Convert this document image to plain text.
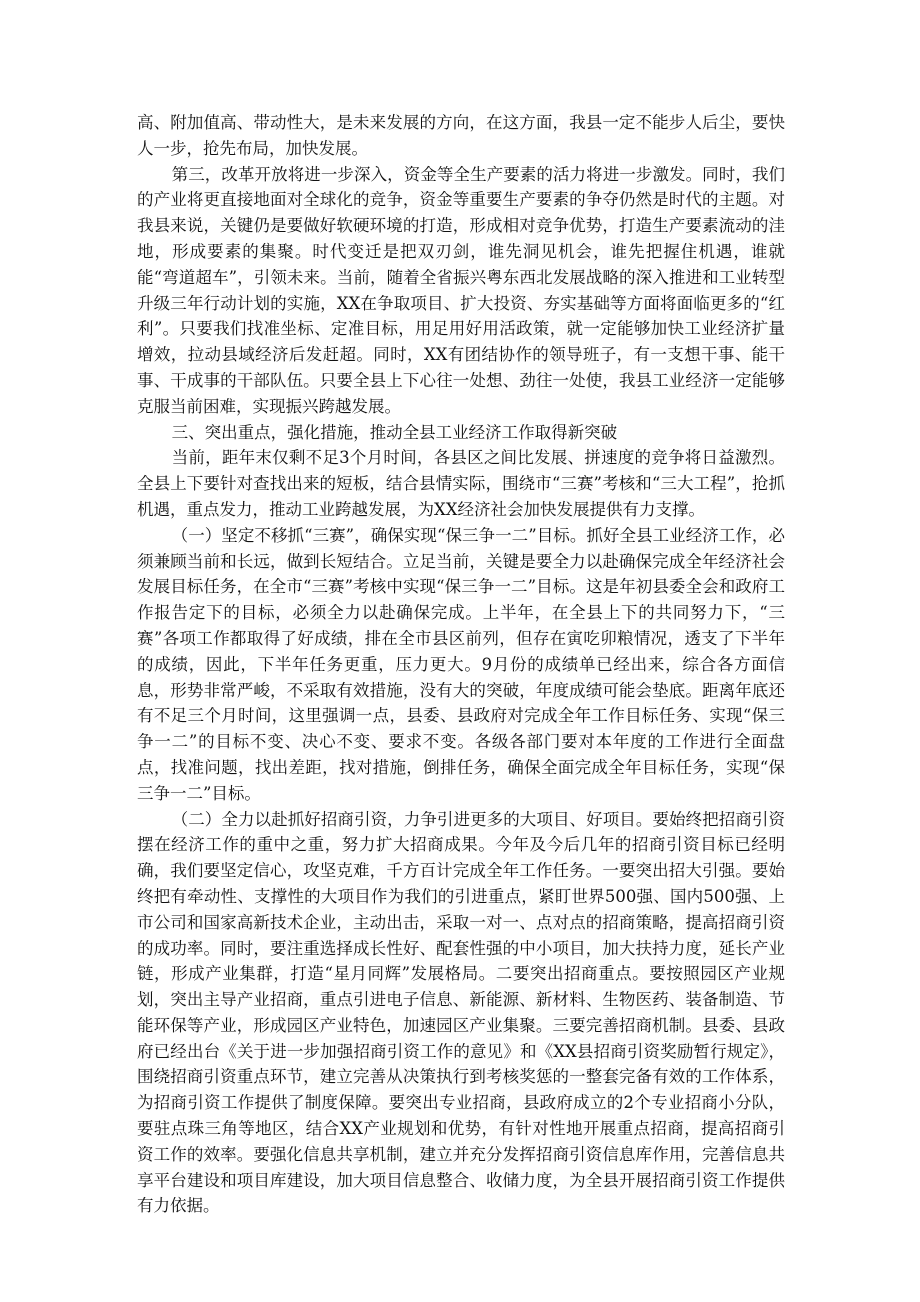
高、附加值高、带动性大，是未来发展的方向，在这方面，我县一定不能步人后尘，要快人一步，抢先布局，加快发展。

第三，改革开放将进一步深入，资金等全生产要素的活力将进一步激发。同时，我们的产业将更直接地面对全球化的竞争，资金等重要生产要素的争夺仍然是时代的主题。对我县来说，关键仍是要做好软硬环境的打造，形成相对竞争优势，打造生产要素流动的洼地，形成要素的集聚。时代变迁是把双刃剑，谁先洞见机会，谁先把握住机遇，谁就能“弯道超车”，引领未来。当前，随着全省振兴粤东西北发展战略的深入推进和工业转型升级三年行动计划的实施，XX在争取项目、扩大投资、夯实基础等方面将面临更多的“红利”。只要我们找准坐标、定准目标，用足用好用活政策，就一定能够加快工业经济扩量增效，拉动县域经济后发赶超。同时，XX有团结协作的领导班子，有一支想干事、能干事、干成事的干部队伍。只要全县上下心往一处想、劲往一处使，我县工业经济一定能够克服当前困难，实现振兴跨越发展。

三、突出重点，强化措施，推动全县工业经济工作取得新突破

当前，距年末仅剩不足3个月时间，各县区之间比发展、拼速度的竞争将日益激烈。全县上下要针对查找出来的短板，结合县情实际，围绕市“三赛”考核和“三大工程”，抢抓机遇，重点发力，推动工业跨越发展，为XX经济社会加快发展提供有力支撑。

（一）坚定不移抓“三赛”，确保实现“保三争一二”目标。抓好全县工业经济工作，必须兼顾当前和长远，做到长短结合。立足当前，关键是要全力以赴确保完成全年经济社会发展目标任务，在全市“三赛”考核中实现“保三争一二”目标。这是年初县委全会和政府工作报告定下的目标，必须全力以赴确保完成。上半年，在全县上下的共同努力下，“三赛”各项工作都取得了好成绩，排在全市县区前列，但存在寅吃卯粮情况，透支了下半年的成绩，因此，下半年任务更重，压力更大。9月份的成绩单已经出来，综合各方面信息，形势非常严峻，不采取有效措施，没有大的突破，年度成绩可能会垫底。距离年底还有不足三个月时间，这里强调一点，县委、县政府对完成全年工作目标任务、实现“保三争一二”的目标不变、决心不变、要求不变。各级各部门要对本年度的工作进行全面盘点，找准问题，找出差距，找对措施，倒排任务，确保全面完成全年目标任务，实现“保三争一二”目标。

（二）全力以赴抓好招商引资，力争引进更多的大项目、好项目。要始终把招商引资摆在经济工作的重中之重，努力扩大招商成果。今年及今后几年的招商引资目标已经明确，我们要坚定信心，攻坚克难，千方百计完成全年工作任务。一要突出招大引强。要始终把有牵动性、支撑性的大项目作为我们的引进重点，紧盯世界500强、国内500强、上市公司和国家高新技术企业，主动出击，采取一对一、点对点的招商策略，提高招商引资的成功率。同时，要注重选择成长性好、配套性强的中小项目，加大扶持力度，延长产业链，形成产业集群，打造“星月同辉”发展格局。二要突出招商重点。要按照园区产业规划，突出主导产业招商，重点引进电子信息、新能源、新材料、生物医药、装备制造、节能环保等产业，形成园区产业特色，加速园区产业集聚。三要完善招商机制。县委、县政府已经出台《关于进一步加强招商引资工作的意见》和《XX县招商引资奖励暂行规定》，围绕招商引资重点环节，建立完善从决策执行到考核奖惩的一整套完备有效的工作体系，为招商引资工作提供了制度保障。要突出专业招商，县政府成立的2个专业招商小分队，要驻点珠三角等地区，结合XX产业规划和优势，有针对性地开展重点招商，提高招商引资工作的效率。要强化信息共享机制，建立并充分发挥招商引资信息库作用，完善信息共享平台建设和项目库建设，加大项目信息整合、收储力度，为全县开展招商引资工作提供有力依据。
